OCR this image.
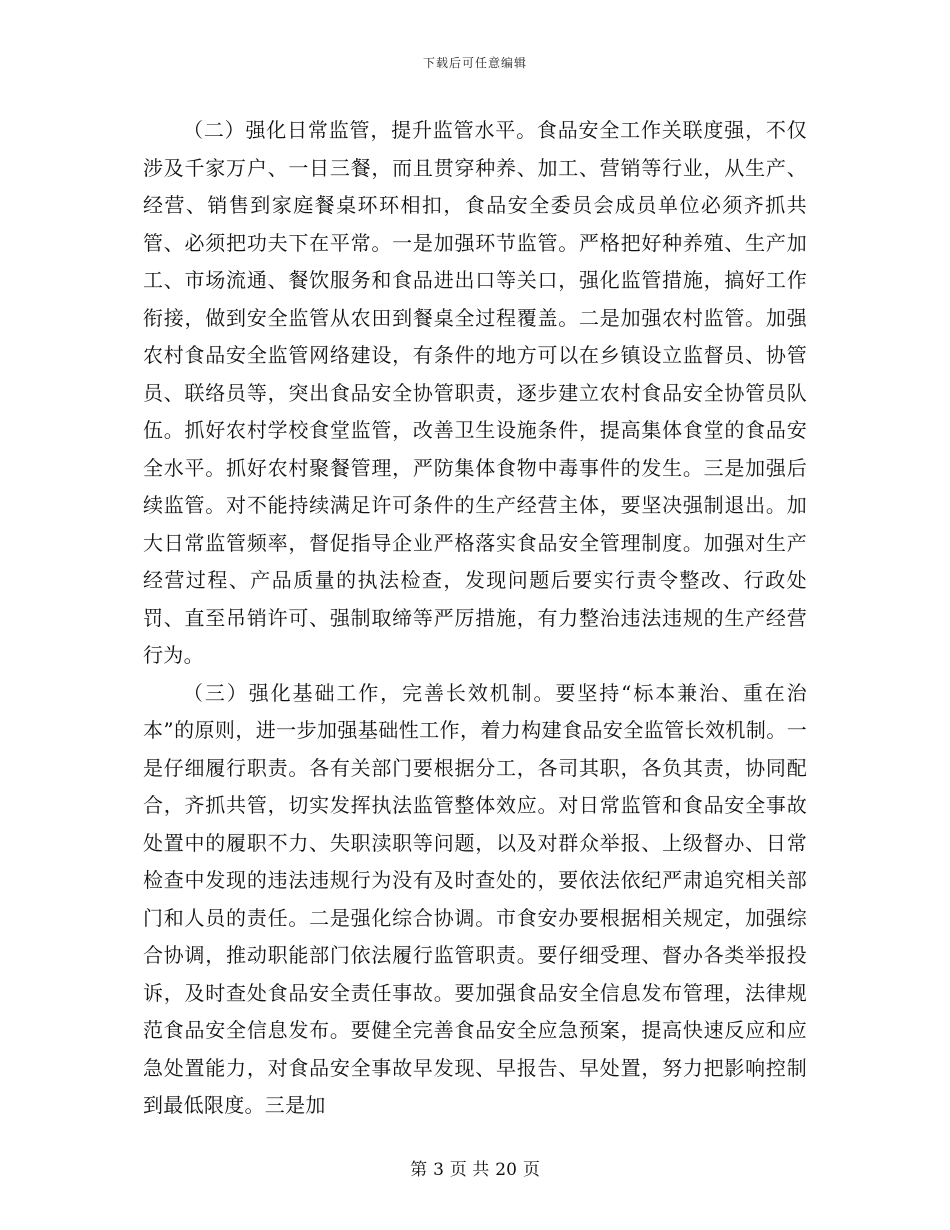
下载后可任意编辑

（二）强化日常监管，提升监管水平。食品安全工作关联度强，不仅涉及千家万户、一日三餐，而且贯穿种养、加工、营销等行业，从生产、经营、销售到家庭餐桌环环相扣，食品安全委员会成员单位必须齐抓共管、必须把功夫下在平常。一是加强环节监管。严格把好种养殖、生产加工、市场流通、餐饮服务和食品进出口等关口，强化监管措施，搞好工作衔接，做到安全监管从农田到餐桌全过程覆盖。二是加强农村监管。加强农村食品安全监管网络建设，有条件的地方可以在乡镇设立监督员、协管员、联络员等，突出食品安全协管职责，逐步建立农村食品安全协管员队伍。抓好农村学校食堂监管，改善卫生设施条件，提高集体食堂的食品安全水平。抓好农村聚餐管理，严防集体食物中毒事件的发生。三是加强后续监管。对不能持续满足许可条件的生产经营主体，要坚决强制退出。加大日常监管频率，督促指导企业严格落实食品安全管理制度。加强对生产经营过程、产品质量的执法检查，发现问题后要实行责令整改、行政处罚、直至吊销许可、强制取缔等严厉措施，有力整治违法违规的生产经营行为。

（三）强化基础工作，完善长效机制。要坚持“标本兼治、重在治本”的原则，进一步加强基础性工作，着力构建食品安全监管长效机制。一是仔细履行职责。各有关部门要根据分工，各司其职，各负其责，协同配合，齐抓共管，切实发挥执法监管整体效应。对日常监管和食品安全事故处置中的履职不力、失职渎职等问题，以及对群众举报、上级督办、日常检查中发现的违法违规行为没有及时查处的，要依法依纪严肃追究相关部门和人员的责任。二是强化综合协调。市食安办要根据相关规定，加强综合协调，推动职能部门依法履行监管职责。要仔细受理、督办各类举报投诉，及时查处食品安全责任事故。要加强食品安全信息发布管理，法律规范食品安全信息发布。要健全完善食品安全应急预案，提高快速反应和应急处置能力，对食品安全事故早发现、早报告、早处置，努力把影响控制到最低限度。三是加

第 3 页 共 20 页
